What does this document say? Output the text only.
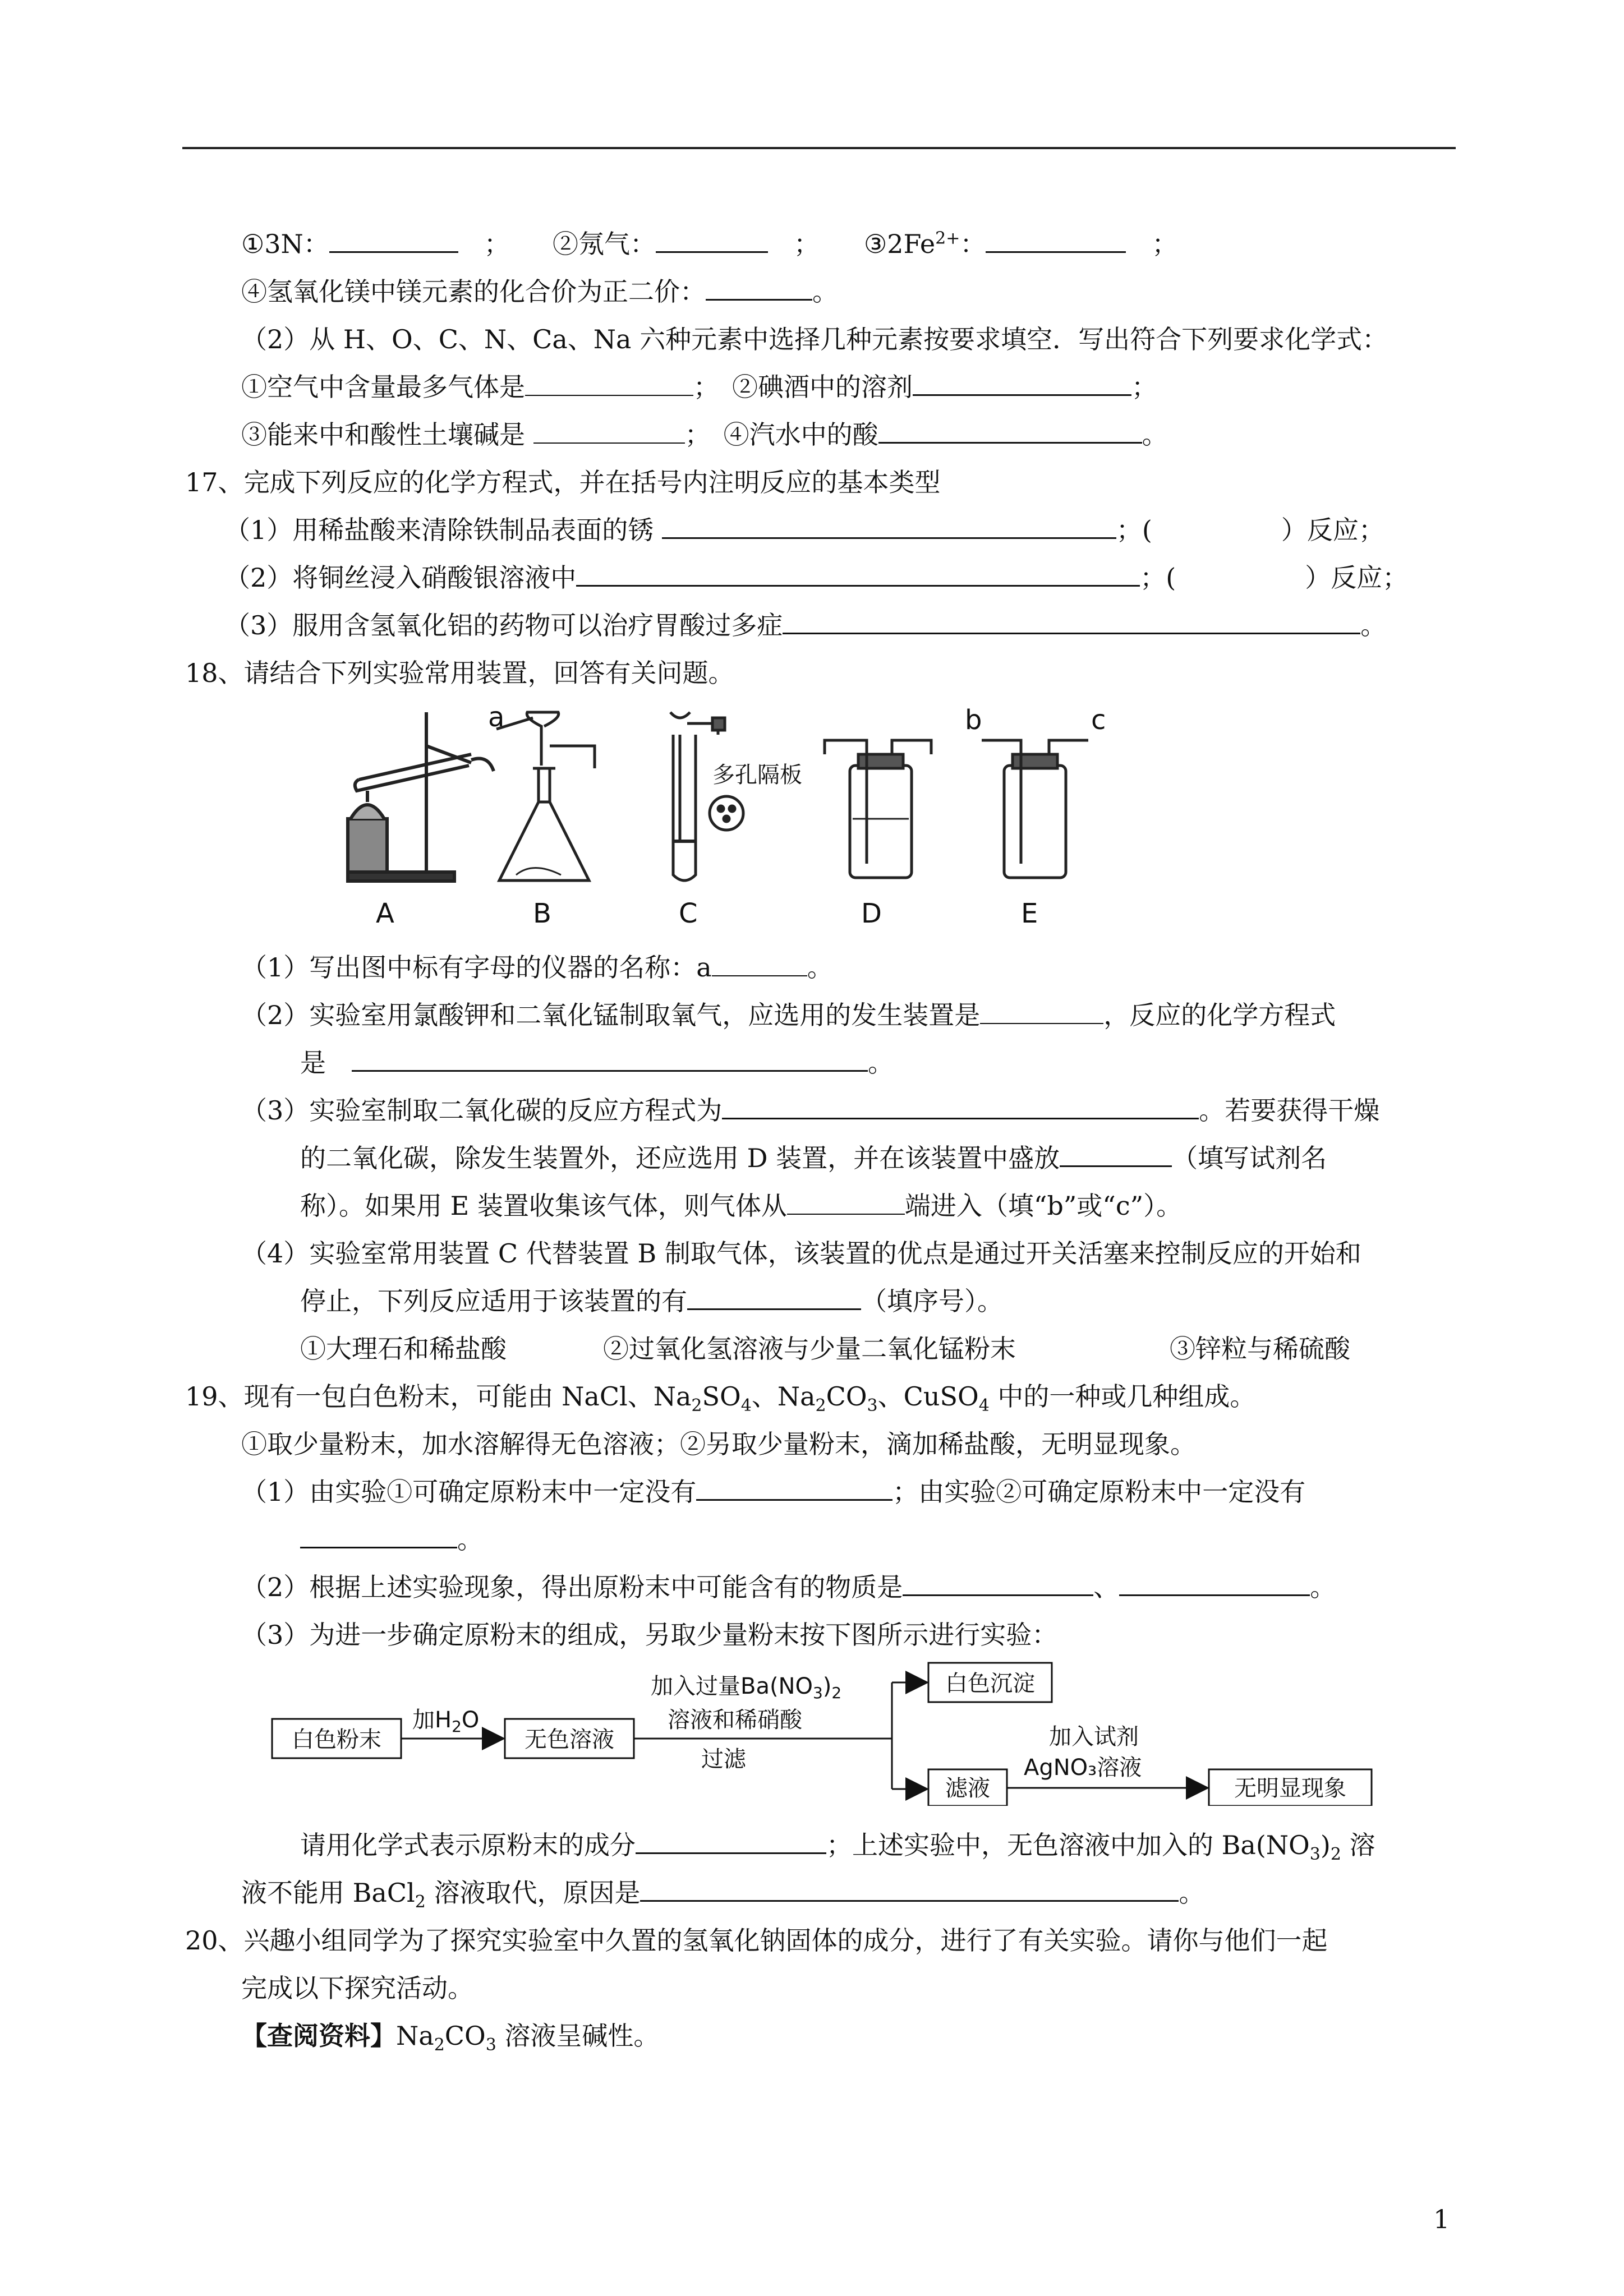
①3N：　	； ②氖气：　	； $③2Fe^{2+}$：　	；
④氢氧化镁中镁元素的化合价为正二价：	。
（2）从 H、O、C、N、Ca、Na 六种元素中选择几种元素按要求填空．写出符合下列要求化学式：
①空气中含量最多气体是	；　 ②碘酒中的溶剂	；
③能来中和酸性土壤碱是	；　 ④汽水中的酸	。
17、完成下列反应的化学方程式，并在括号内注明反应的基本类型
（1）用稀盐酸来清除铁制品表面的锈	；(　　　　　）反应；
（2）将铜丝浸入硝酸银溶液中	；(　　　　　）反应；
（3）服用含氢氧化铝的药物可以治疗胃酸过多症	。
18、请结合下列实验常用装置，回答有关问题。
A
a
B
多孔隔板
C	D
b	c
E
（1）写出图中标有字母的仪器的名称：a	。
（2）实验室用氯酸钾和二氧化锰制取氧气，应选用的发生装置是	，反应的化学方程式
是　	。
（3）实验室制取二氧化碳的反应方程式为	。若要获得干燥
的二氧化碳，除发生装置外，还应选用 D 装置，并在该装置中盛放	（填写试剂名
称）。如果用 E 装置收集该气体，则气体从	端进入（填“b”或“c”）。
（4）实验室常用装置 C 代替装置 B 制取气体，该装置的优点是通过开关活塞来控制反应的开始和
停止，下列反应适用于该装置的有	（填序号）。
①大理石和稀盐酸	②过氧化氢溶液与少量二氧化锰粉末	③锌粒与稀硫酸
19、现有一包白色粉末，可能由 NaCl、$Na_2SO_4$、$Na_2CO_3$、CuSO$_4$ 中的一种或几种组成。
①取少量粉末，加水溶解得无色溶液；②另取少量粉末，滴加稀盐酸，无明显现象。
（1）由实验①可确定原粉末中一定没有	；由实验②可确定原粉末中一定没有
。
（2）根据上述实验现象，得出原粉末中可能含有的物质是	、	。
（3）为进一步确定原粉末的组成，另取少量粉末按下图所示进行实验：
白色粉末
加$H_2O$
无色溶液
加入过量$Ba(NO_3)_2$
溶液和稀硝酸
过滤
白色沉淀
滤液
加入试剂
AgNO₃溶液
无明显现象
请用化学式表示原粉末的成分	；上述实验中，无色溶液中加入的 $Ba(NO_3)_2$ 溶
液不能用 BaCl$_2$ 溶液取代，原因是	。
20、兴趣小组同学为了探究实验室中久置的氢氧化钠固体的成分，进行了有关实验。请你与他们一起
完成以下探究活动。
【查阅资料】$Na_2CO_3$ 溶液呈碱性。
1
